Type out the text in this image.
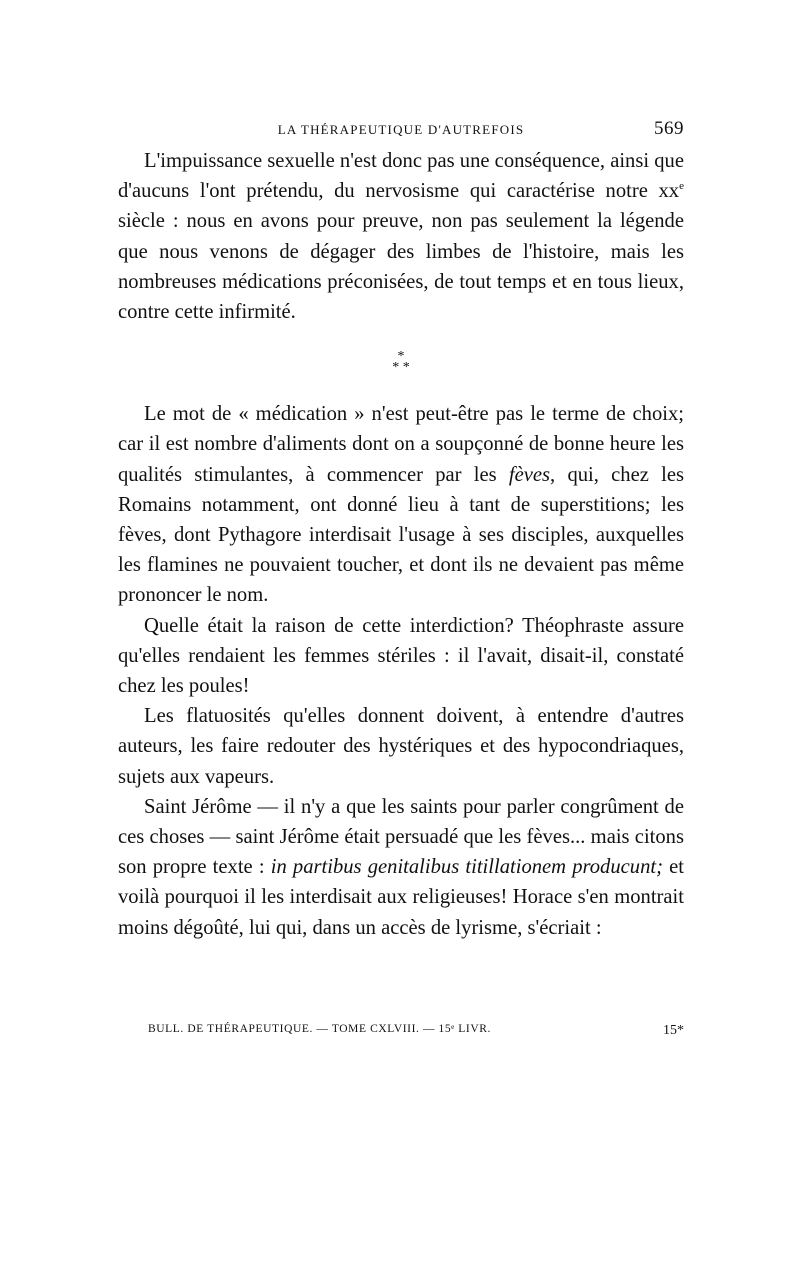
LA THÉRAPEUTIQUE D'AUTREFOIS	569

L'impuissance sexuelle n'est donc pas une conséquence, ainsi que d'aucuns l'ont prétendu, du nervosisme qui caractérise notre $xx^e$ siècle : nous en avons pour preuve, non pas seulement la légende que nous venons de dégager des limbes de l'histoire, mais les nombreuses médications préconisées, de tout temps et en tous lieux, contre cette infirmité.

*
* *

Le mot de « médication » n'est peut-être pas le terme de choix; car il est nombre d'aliments dont on a soupçonné de bonne heure les qualités stimulantes, à commencer par les fèves, qui, chez les Romains notamment, ont donné lieu à tant de superstitions; les fèves, dont Pythagore interdisait l'usage à ses disciples, auxquelles les flamines ne pouvaient toucher, et dont ils ne devaient pas même prononcer le nom.

Quelle était la raison de cette interdiction? Théophraste assure qu'elles rendaient les femmes stériles : il l'avait, disait-il, constaté chez les poules!

Les flatuosités qu'elles donnent doivent, à entendre d'autres auteurs, les faire redouter des hystériques et des hypocondriaques, sujets aux vapeurs.

Saint Jérôme — il n'y a que les saints pour parler congrûment de ces choses — saint Jérôme était persuadé que les fèves... mais citons son propre texte : in partibus genitalibus titillationem producunt; et voilà pourquoi il les interdisait aux religieuses! Horace s'en montrait moins dégoûté, lui qui, dans un accès de lyrisme, s'écriait :

BULL. DE THÉRAPEUTIQUE. — TOME CXLVIII. — 15ᵉ LIVR.	15*
